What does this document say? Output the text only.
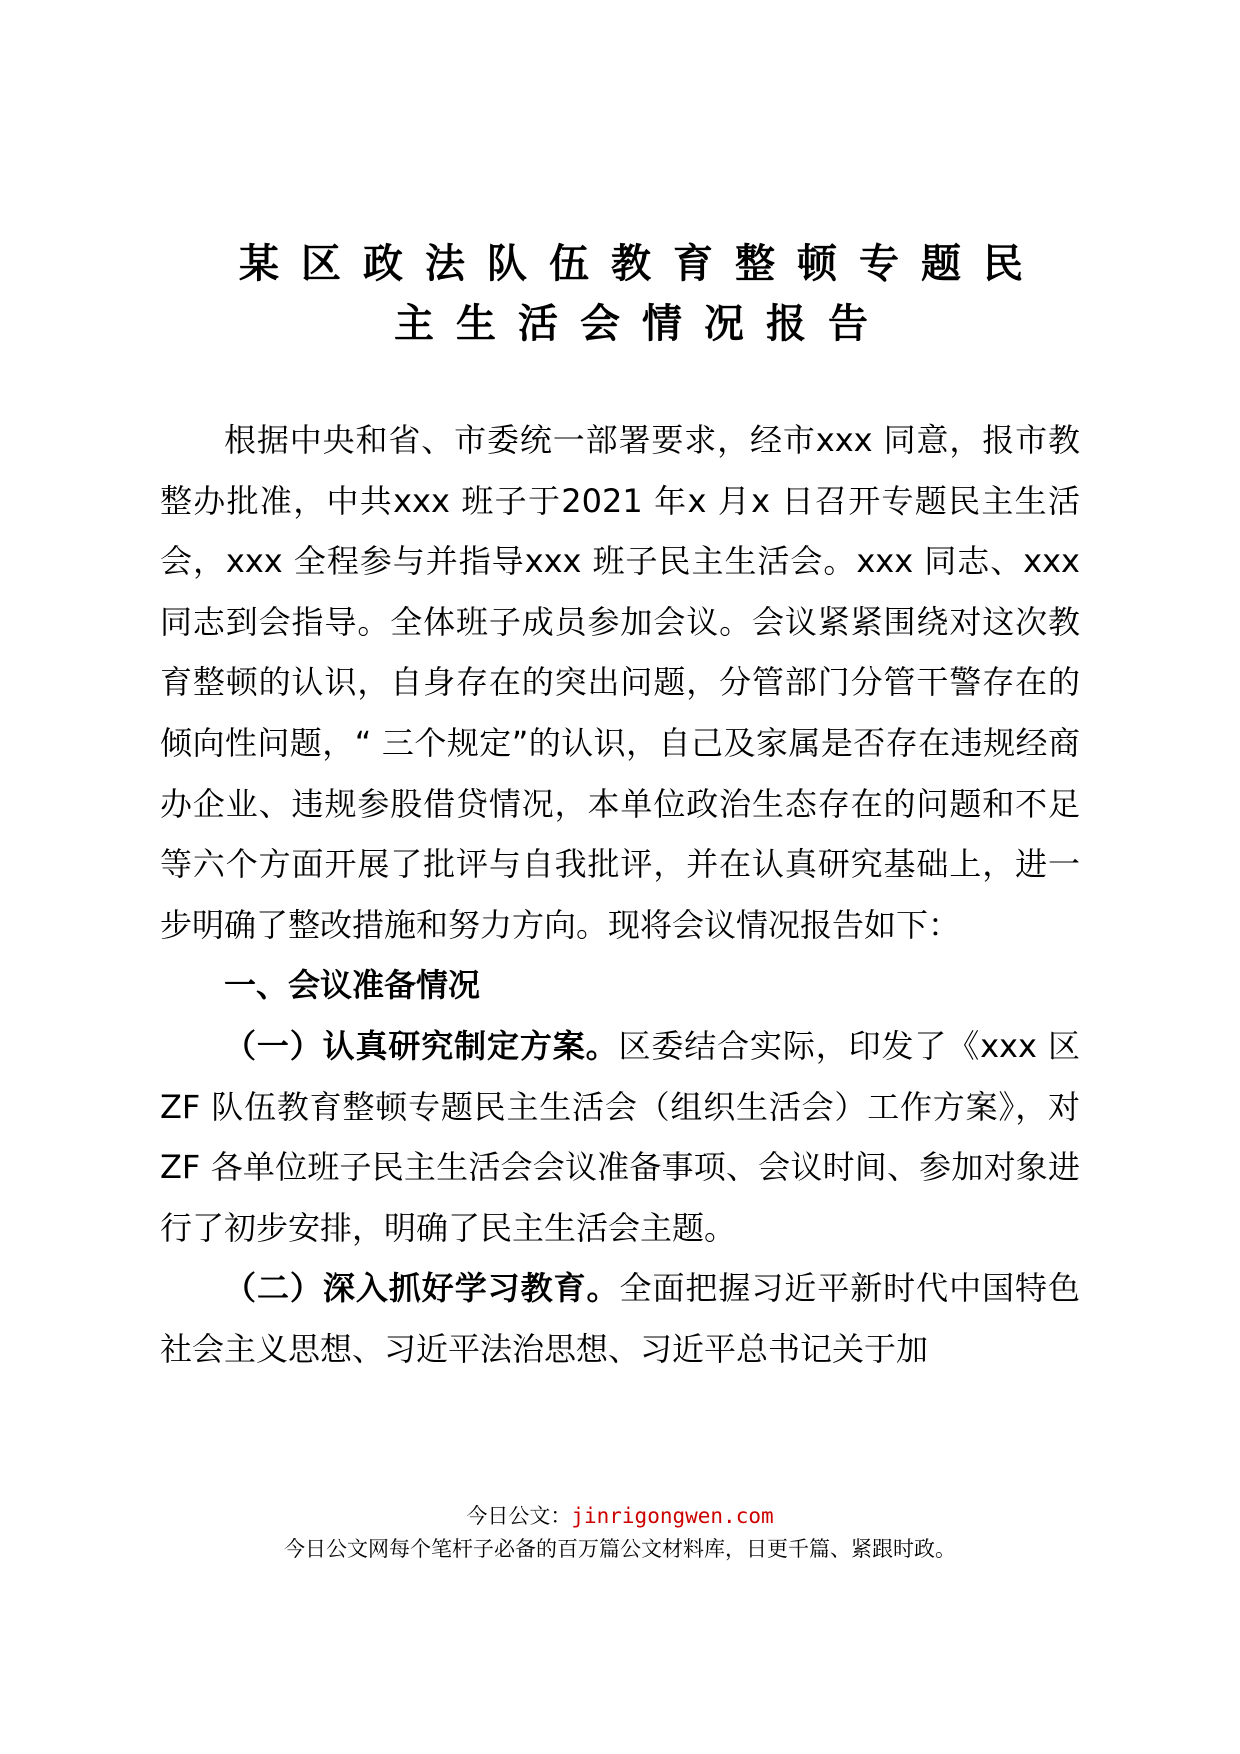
某区政法队伍教育整顿专题民
主生活会情况报告

根据中央和省、市委统一部署要求，经市xxx 同意，报市教整办批准，中共xxx 班子于2021 年x 月x 日召开专题民主生活会，xxx 全程参与并指导xxx 班子民主生活会。xxx 同志、xxx 同志到会指导。全体班子成员参加会议。会议紧紧围绕对这次教育整顿的认识，自身存在的突出问题，分管部门分管干警存在的倾向性问题，“ 三个规定”的认识，自己及家属是否存在违规经商办企业、违规参股借贷情况，本单位政治生态存在的问题和不足等六个方面开展了批评与自我批评，并在认真研究基础上，进一步明确了整改措施和努力方向。现将会议情况报告如下：

一、会议准备情况

（一）认真研究制定方案。区委结合实际，印发了《xxx 区ZF 队伍教育整顿专题民主生活会（组织生活会）工作方案》，对ZF 各单位班子民主生活会会议准备事项、会议时间、参加对象进行了初步安排，明确了民主生活会主题。

（二）深入抓好学习教育。全面把握习近平新时代中国特色社会主义思想、习近平法治思想、习近平总书记关于加

今日公文：jinrigongwen.com
今日公文网每个笔杆子必备的百万篇公文材料库，日更千篇、紧跟时政。
